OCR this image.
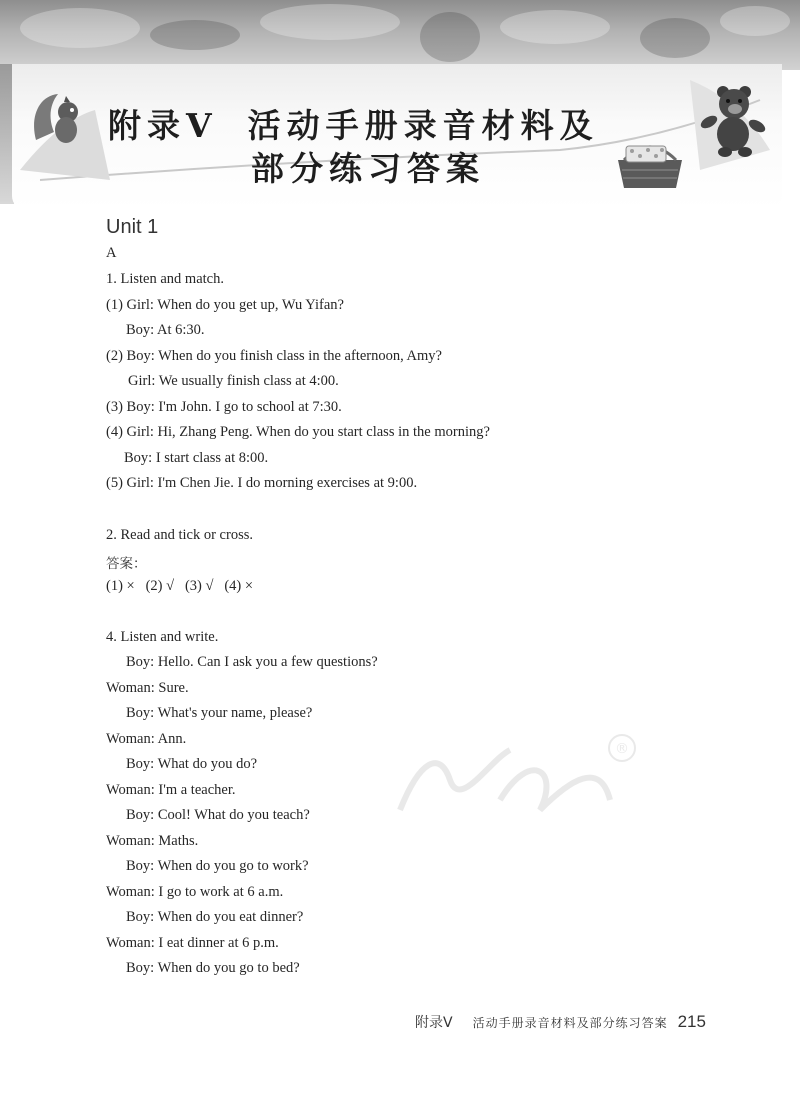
附录Ⅴ 活动手册录音材料及
部分练习答案
®
Unit 1
A
1. Listen and match.
(1) Girl: When do you get up, Wu Yifan?
Boy: At 6:30.
(2) Boy: When do you finish class in the afternoon, Amy?
Girl: We usually finish class at 4:00.
(3) Boy: I'm John. I go to school at 7:30.
(4) Girl: Hi, Zhang Peng. When do you start class in the morning?
Boy: I start class at 8:00.
(5) Girl: I'm Chen Jie. I do morning exercises at 9:00.
2. Read and tick or cross.
答案：
(1) ×   (2) √   (3) √   (4) ×
4. Listen and write.
Boy: Hello. Can I ask you a few questions?
Woman: Sure.
Boy: What's your name, please?
Woman: Ann.
Boy: What do you do?
Woman: I'm a teacher.
Boy: Cool! What do you teach?
Woman: Maths.
Boy: When do you go to work?
Woman: I go to work at 6 a.m.
Boy: When do you eat dinner?
Woman: I eat dinner at 6 p.m.
Boy: When do you go to bed?
附录Ⅴ 活动手册录音材料及部分练习答案 215
